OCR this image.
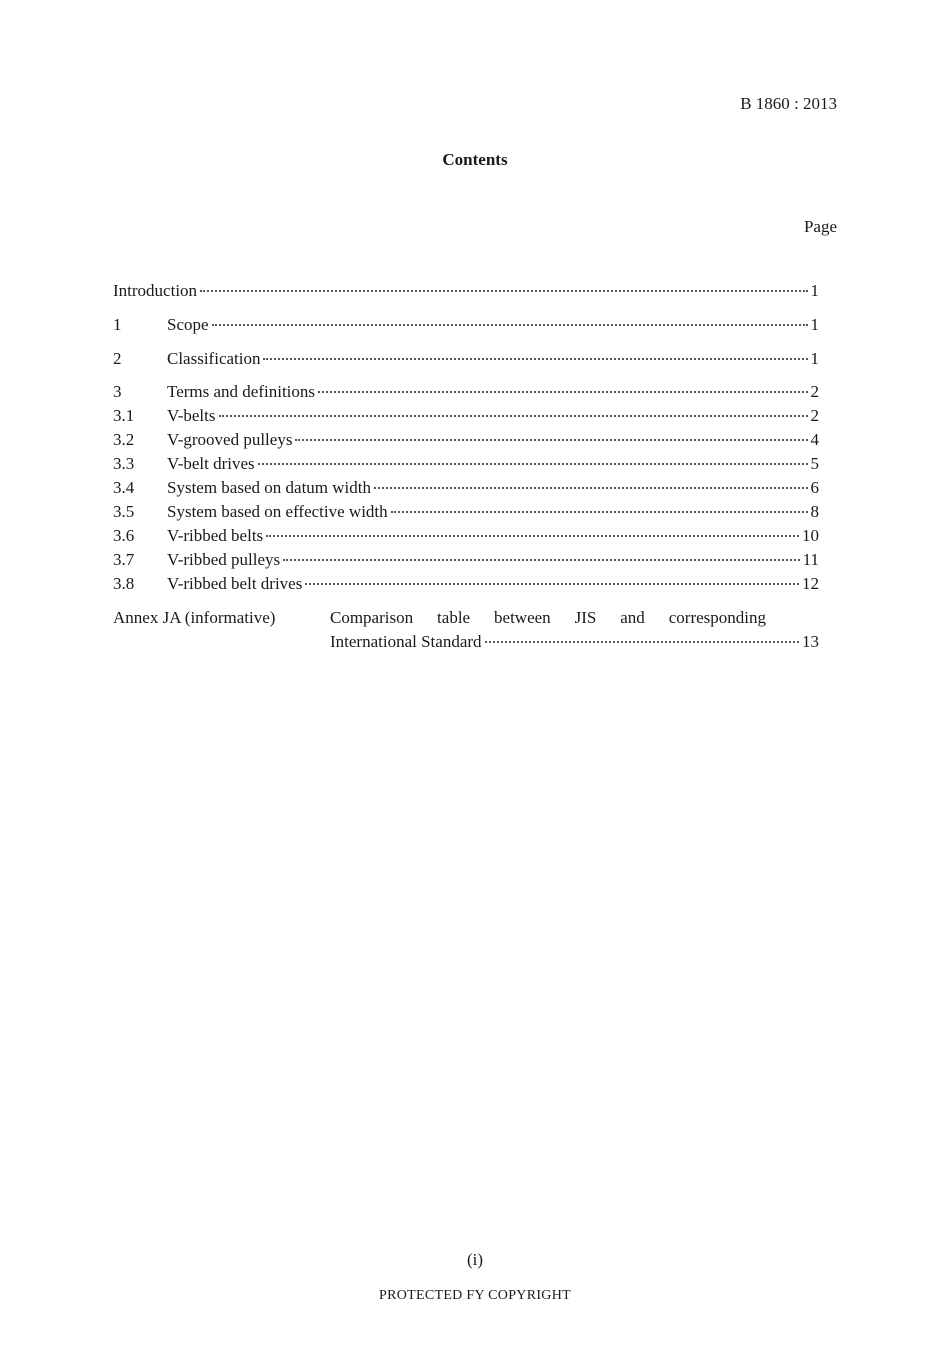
B 1860 : 2013
Contents
Page
Introduction	1
1	Scope	1
2	Classification	1
3	Terms and definitions	2
3.1	V-belts	2
3.2	V-grooved pulleys	4
3.3	V-belt drives	5
3.4	System based on datum width	6
3.5	System based on effective width	8
3.6	V-ribbed belts	10
3.7	V-ribbed pulleys	11
3.8	V-ribbed belt drives	12
Annex JA (informative)	Comparison table between JIS and corresponding
International Standard	13
(i)
PROTECTED FY COPYRIGHT
